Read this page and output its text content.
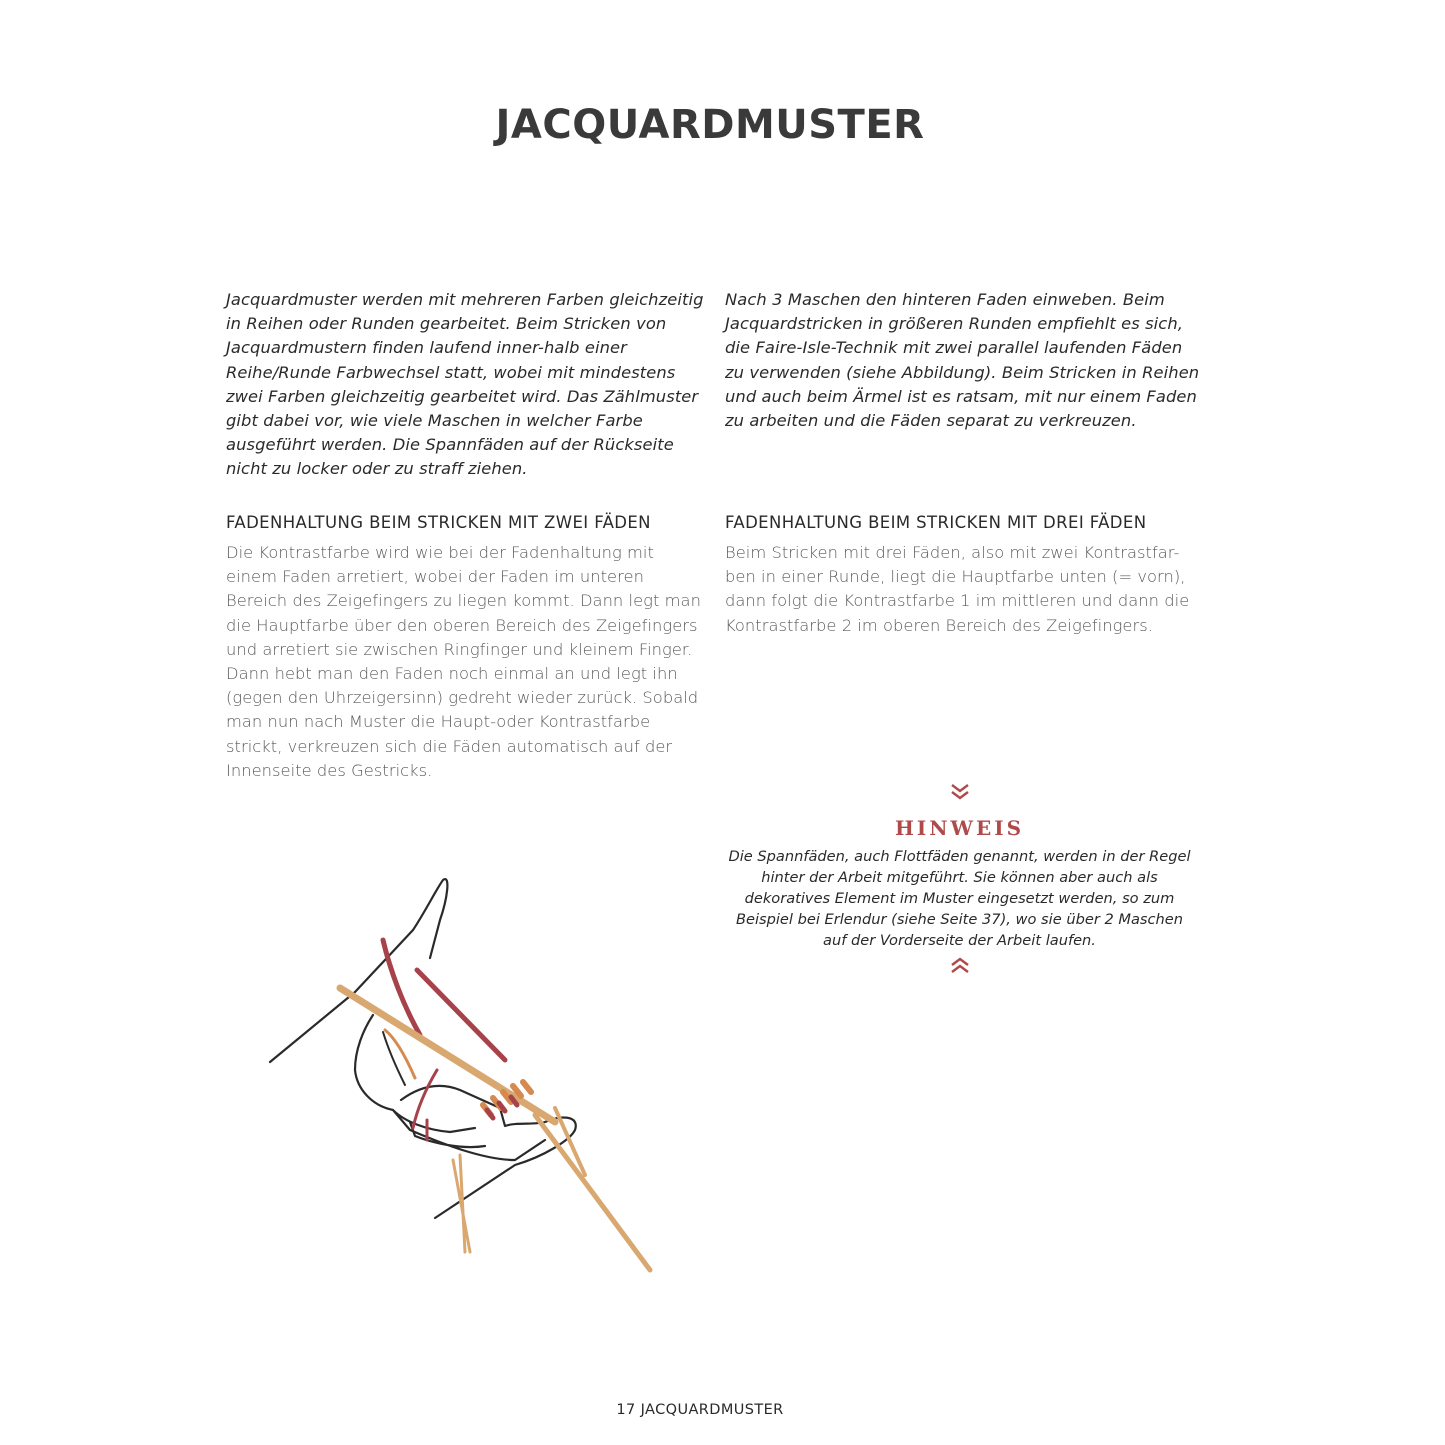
JACQUARDMUSTER

Jacquardmuster werden mit mehreren Farben gleichzeitig in Reihen oder Runden gearbeitet. Beim Stricken von Jacquardmustern finden laufend inner-halb einer Reihe/Runde Farbwechsel statt, wobei mit mindestens zwei Farben gleichzeitig gearbeitet wird. Das Zählmuster gibt dabei vor, wie viele Maschen in welcher Farbe ausgeführt werden. Die Spannfäden auf der Rückseite nicht zu locker oder zu straff ziehen.

FADENHALTUNG BEIM STRICKEN MIT ZWEI FÄDEN

Die Kontrastfarbe wird wie bei der Fadenhaltung mit einem Faden arretiert, wobei der Faden im unteren Bereich des Zeigefingers zu liegen kommt. Dann legt man die Hauptfarbe über den oberen Bereich des Zeigefingers und arretiert sie zwischen Ringfinger und kleinem Finger. Dann hebt man den Faden noch einmal an und legt ihn (gegen den Uhrzeigersinn) gedreht wieder zurück. Sobald man nun nach Muster die Haupt-oder Kontrastfarbe strickt, verkreuzen sich die Fäden automatisch auf der Innenseite des Gestricks.

Nach 3 Maschen den hinteren Faden einweben. Beim Jacquardstricken in größeren Runden empfiehlt es sich, die Faire-Isle-Technik mit zwei parallel laufenden Fäden zu verwenden (siehe Abbildung). Beim Stricken in Reihen und auch beim Ärmel ist es ratsam, mit nur einem Faden zu arbeiten und die Fäden separat zu verkreuzen.

FADENHALTUNG BEIM STRICKEN MIT DREI FÄDEN

Beim Stricken mit drei Fäden, also mit zwei Kontrastfar-ben in einer Runde, liegt die Hauptfarbe unten (= vorn), dann folgt die Kontrastfarbe 1 im mittleren und dann die Kontrastfarbe 2 im oberen Bereich des Zeigefingers.

HINWEIS

Die Spannfäden, auch Flottfäden genannt, werden in der Regel hinter der Arbeit mitgeführt. Sie können aber auch als dekoratives Element im Muster eingesetzt werden, so zum Beispiel bei Erlendur (siehe Seite 37), wo sie über 2 Maschen auf der Vorderseite der Arbeit laufen.

17 JACQUARDMUSTER
